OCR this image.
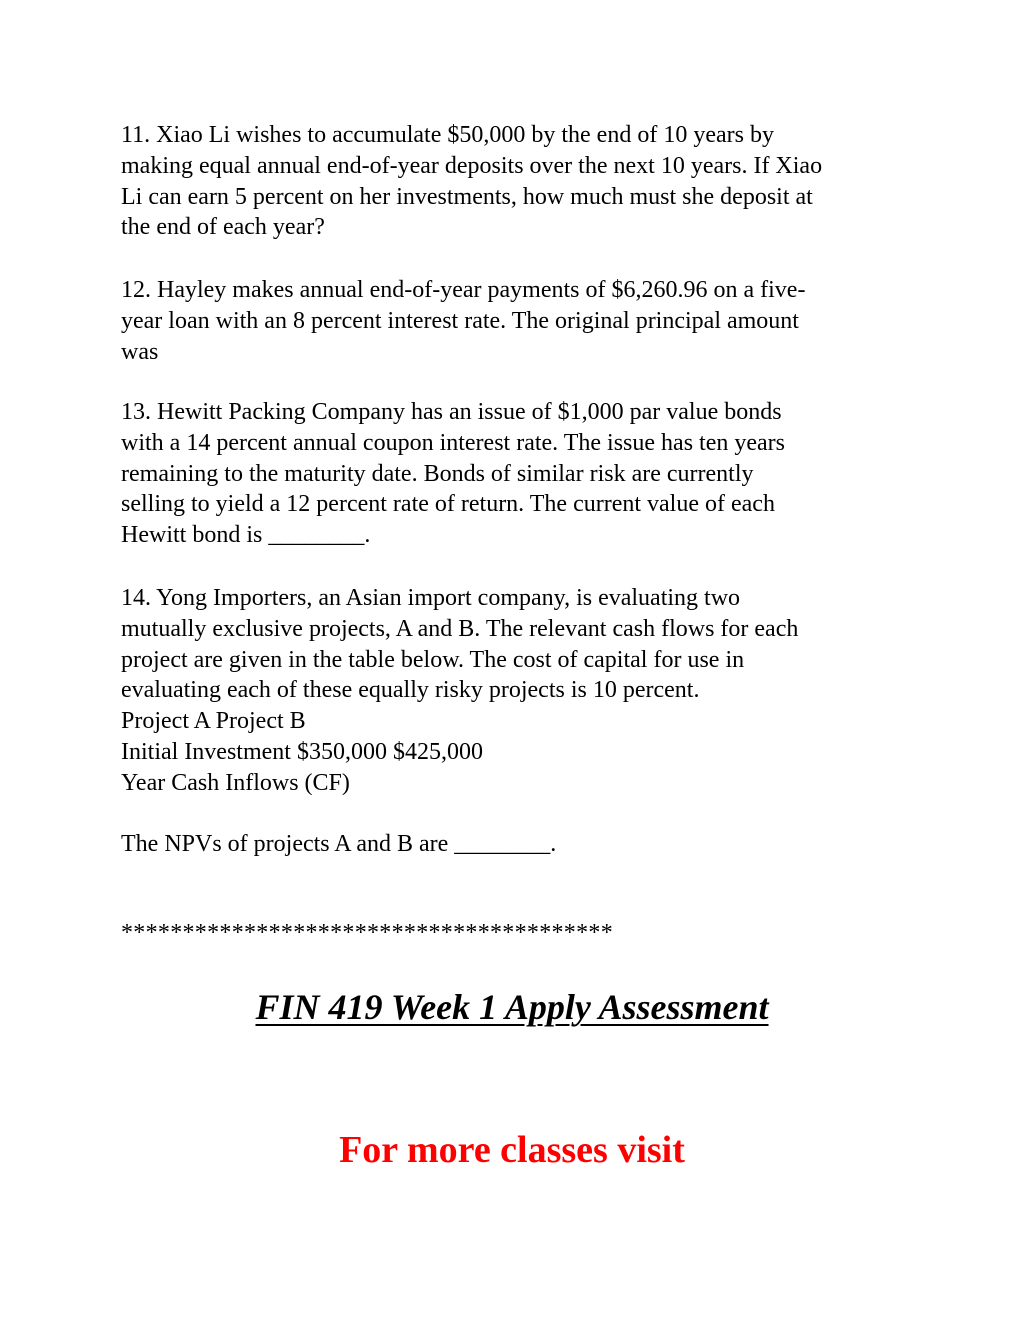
11. Xiao Li wishes to accumulate $50,000 by the end of 10 years by
making equal annual end-of-year deposits over the next 10 years. If Xiao
Li can earn 5 percent on her investments, how much must she deposit at
the end of each year?
12. Hayley makes annual end-of-year payments of $6,260.96 on a five-
year loan with an 8 percent interest rate. The original principal amount
was
13. Hewitt Packing Company has an issue of $1,000 par value bonds
with a 14 percent annual coupon interest rate. The issue has ten years
remaining to the maturity date. Bonds of similar risk are currently
selling to yield a 12 percent rate of return. The current value of each
Hewitt bond is ________.
14. Yong Importers, an Asian import company, is evaluating two
mutually exclusive projects, A and B. The relevant cash flows for each
project are given in the table below. The cost of capital for use in
evaluating each of these equally risky projects is 10 percent.
Project A Project B
Initial Investment $350,000 $425,000
Year Cash Inflows (CF)
The NPVs of projects A and B are ________.
****************************************
FIN 419 Week 1 Apply Assessment
For more classes visit
